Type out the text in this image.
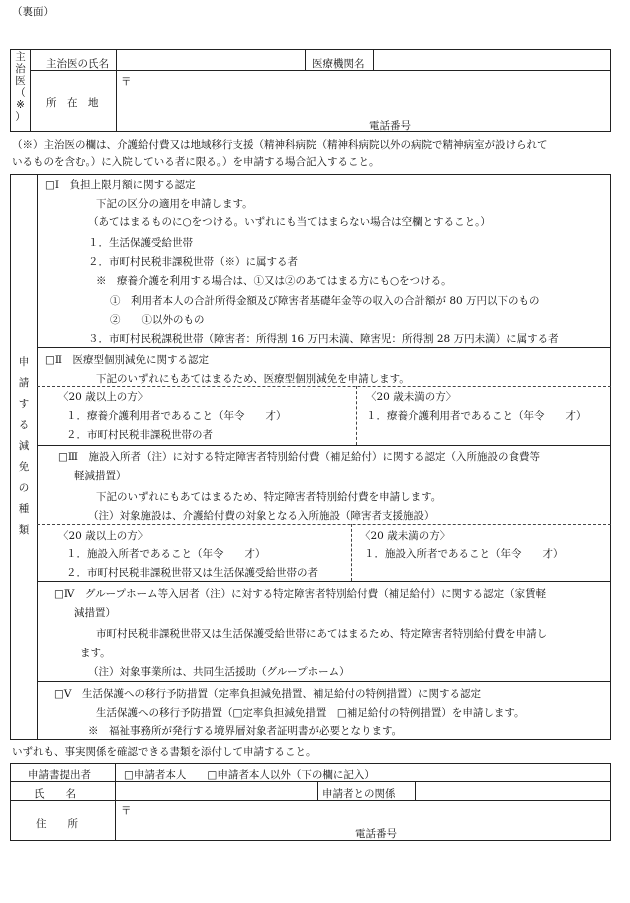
（裏面）
主
治
医
（
※
）
主治医の氏名	医療機関名
所　在　地
〒
電話番号
（※）主治医の欄は、介護給付費又は地域移行支援（精神科病院（精神科病院以外の病院で精神病室が設けられて
いるものを含む。）に入院している者に限る。）を申請する場合記入すること。
申
請
す
る
減
免
の
種
類
□Ⅰ　負担上限月額に関する認定
下記の区分の適用を申請します。
（あてはまるものに○をつける。いずれにも当てはまらない場合は空欄とすること。）
１．生活保護受給世帯
２．市町村民税非課税世帯（※）に属する者
※　療養介護を利用する場合は、①又は②のあてはまる方にも○をつける。
①　利用者本人の合計所得金額及び障害者基礎年金等の収入の合計額が 80 万円以下のもの
②　　①以外のもの
３．市町村民税課税世帯（障害者：所得割 16 万円未満、障害児：所得割 28 万円未満）に属する者
□Ⅱ　医療型個別減免に関する認定
下記のいずれにもあてはまるため、医療型個別減免を申請します。
〈20 歳以上の方〉
１．療養介護利用者であること（年令　　才）
２．市町村民税非課税世帯の者
〈20 歳未満の方〉
１．療養介護利用者であること（年令　　才）
□Ⅲ　施設入所者（注）に対する特定障害者特別給付費（補足給付）に関する認定（入所施設の食費等
軽減措置）
下記のいずれにもあてはまるため、特定障害者特別給付費を申請します。
（注）対象施設は、介護給付費の対象となる入所施設（障害者支援施設）
〈20 歳以上の方〉
１．施設入所者であること（年令　　才）
２．市町村民税非課税世帯又は生活保護受給世帯の者
〈20 歳未満の方〉
１．施設入所者であること（年令　　才）
□Ⅳ　グループホーム等入居者（注）に対する特定障害者特別給付費（補足給付）に関する認定（家賃軽
減措置）
市町村民税非課税世帯又は生活保護受給世帯にあてはまるため、特定障害者特別給付費を申請し
ます。
（注）対象事業所は、共同生活援助（グループホーム）
□Ⅴ　生活保護への移行予防措置（定率負担減免措置、補足給付の特例措置）に関する認定
生活保護への移行予防措置（□定率負担減免措置　□補足給付の特例措置）を申請します。
※　福祉事務所が発行する境界層対象者証明書が必要となります。
いずれも、事実関係を確認できる書類を添付して申請すること。
申請書提出者	□申請者本人　　□申請者本人以外（下の欄に記入）
氏　　名	申請者との関係
住　　所
〒
電話番号
